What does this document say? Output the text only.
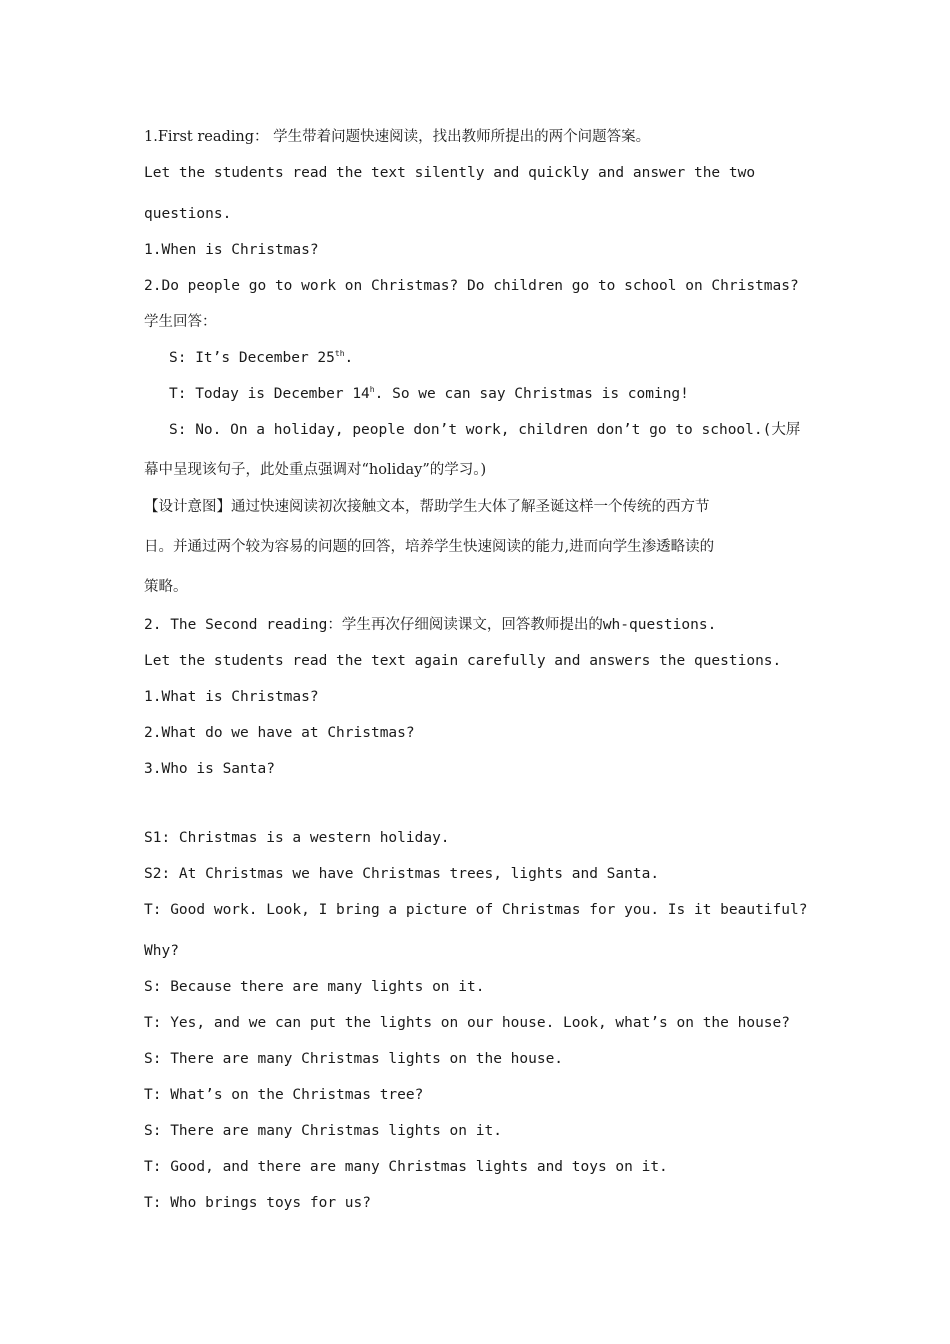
1.First reading： 学生带着问题快速阅读，找出教师所提出的两个问题答案。
Let the students read the text silently and quickly and answer the two
questions.
1.When is Christmas?
2.Do people go to work on Christmas? Do children go to school on Christmas?
学生回答：
S: It’s December 25th.
T: Today is December 14$^h$. So we can say Christmas is coming!
S: No. On a holiday, people don’t work, children don’t go to school.(大屏
幕中呈现该句子，此处重点强调对“holiday”的学习。)
【设计意图】通过快速阅读初次接触文本，帮助学生大体了解圣诞这样一个传统的西方节
日。并通过两个较为容易的问题的回答，培养学生快速阅读的能力,进而向学生渗透略读的
策略。
2. The Second reading：学生再次仔细阅读课文，回答教师提出的wh-questions.
Let the students read the text again carefully and answers the questions.
1.What is Christmas?
2.What do we have at Christmas?
3.Who is Santa?
S1: Christmas is a western holiday.
S2: At Christmas we have Christmas trees, lights and Santa.
T: Good work. Look, I bring a picture of Christmas for you. Is it beautiful?
Why?
S: Because there are many lights on it.
T: Yes, and we can put the lights on our house. Look, what’s on the house?
S: There are many Christmas lights on the house.
T: What’s on the Christmas tree?
S: There are many Christmas lights on it.
T: Good, and there are many Christmas lights and toys on it.
T: Who brings toys for us?
